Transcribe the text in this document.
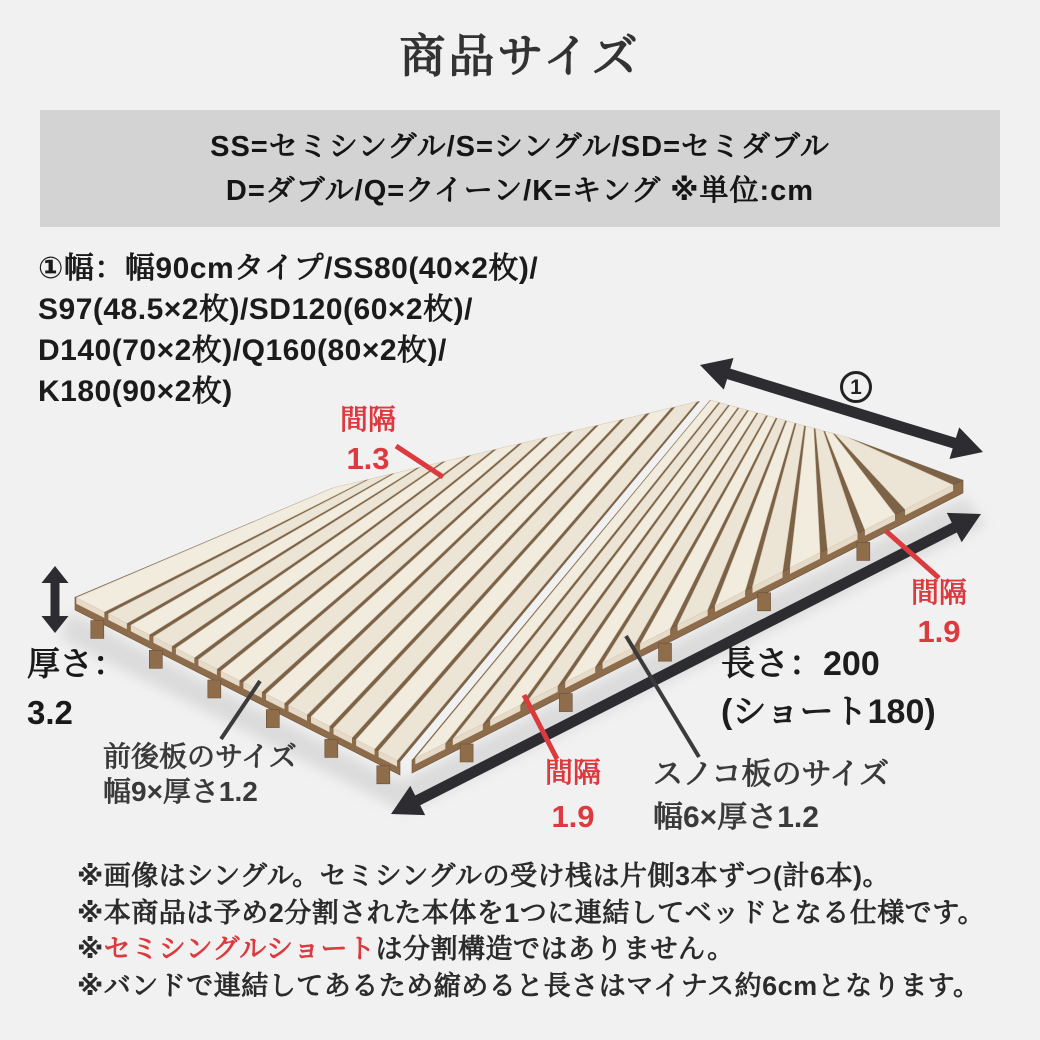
商品サイズ
SS=セミシングル/S=シングル/SD=セミダブル
D=ダブル/Q=クイーン/K=キング ※単位:cm
①幅：幅90cmタイプ/SS80(40×2枚)/
S97(48.5×2枚)/SD120(60×2枚)/
D140(70×2枚)/Q160(80×2枚)/
K180(90×2枚)
間隔
1.3
1
間隔
1.9
間隔
1.9
厚さ：
3.2
長さ：200
(ショート180)
スノコ板のサイズ
幅6×厚さ1.2
前後板のサイズ
幅9×厚さ1.2
※画像はシングル。セミシングルの受け桟は片側3本ずつ(計6本)。
※本商品は予め2分割された本体を1つに連結してベッドとなる仕様です。
※セミシングルショートは分割構造ではありません。
※バンドで連結してあるため縮めると長さはマイナス約6cmとなります。
